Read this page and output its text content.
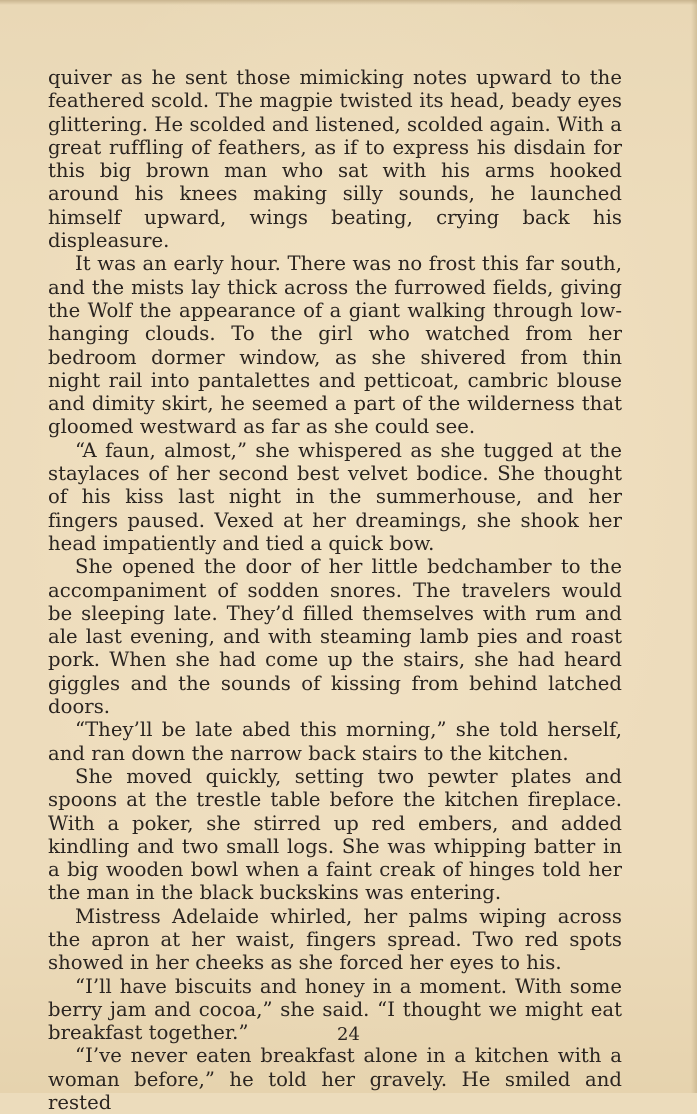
quiver as he sent those mimicking notes upward to the feathered scold. The magpie twisted its head, beady eyes glittering. He scolded and listened, scolded again. With a great ruffling of feathers, as if to express his disdain for this big brown man who sat with his arms hooked around his knees making silly sounds, he launched himself upward, wings beating, crying back his displeasure.

It was an early hour. There was no frost this far south, and the mists lay thick across the furrowed fields, giving the Wolf the appearance of a giant walking through low-hanging clouds. To the girl who watched from her bedroom dormer window, as she shivered from thin night rail into pantalettes and petticoat, cambric blouse and dimity skirt, he seemed a part of the wilderness that gloomed westward as far as she could see.

“A faun, almost,” she whispered as she tugged at the staylaces of her second best velvet bodice. She thought of his kiss last night in the summerhouse, and her fingers paused. Vexed at her dreamings, she shook her head impatiently and tied a quick bow.

She opened the door of her little bedchamber to the accompaniment of sodden snores. The travelers would be sleeping late. They’d filled themselves with rum and ale last evening, and with steaming lamb pies and roast pork. When she had come up the stairs, she had heard giggles and the sounds of kissing from behind latched doors.

“They’ll be late abed this morning,” she told herself, and ran down the narrow back stairs to the kitchen.

She moved quickly, setting two pewter plates and spoons at the trestle table before the kitchen fireplace. With a poker, she stirred up red embers, and added kindling and two small logs. She was whipping batter in a big wooden bowl when a faint creak of hinges told her the man in the black buckskins was entering.

Mistress Adelaide whirled, her palms wiping across the apron at her waist, fingers spread. Two red spots showed in her cheeks as she forced her eyes to his.

“I’ll have biscuits and honey in a moment. With some berry jam and cocoa,” she said. “I thought we might eat breakfast together.”

“I’ve never eaten breakfast alone in a kitchen with a woman before,” he told her gravely. He smiled and rested

24
